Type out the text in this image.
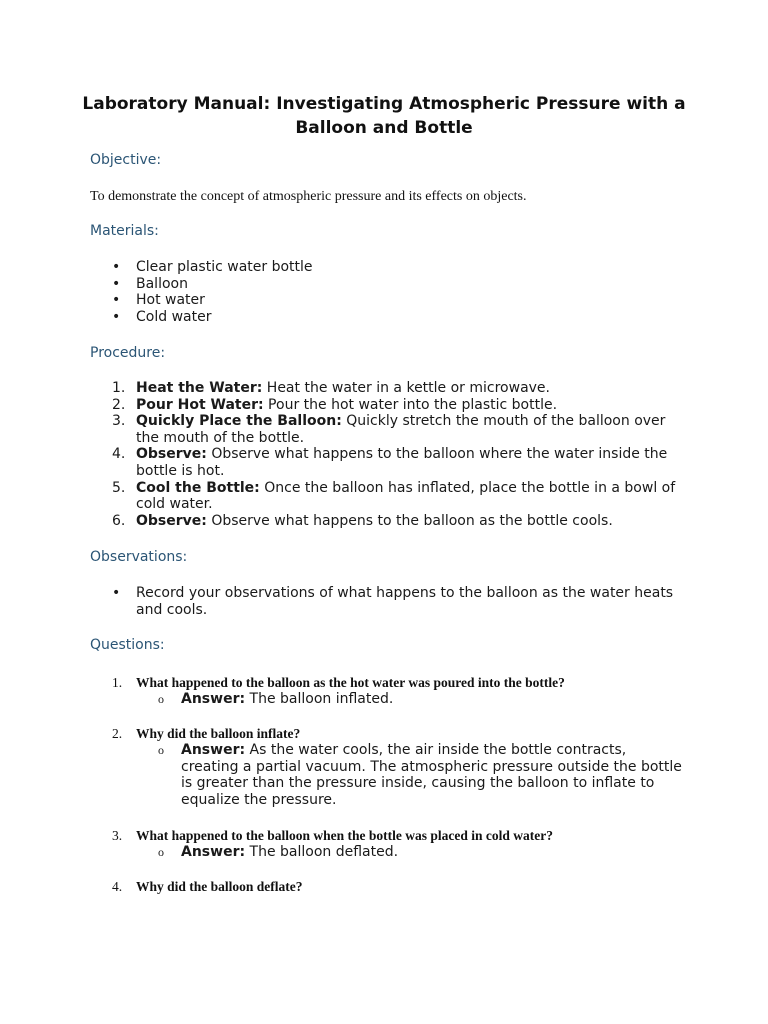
Laboratory Manual: Investigating Atmospheric Pressure with a Balloon and Bottle
Objective:
To demonstrate the concept of atmospheric pressure and its effects on objects.
Materials:
• Clear plastic water bottle
• Balloon
• Hot water
• Cold water
Procedure:
1. Heat the Water: Heat the water in a kettle or microwave.
2. Pour Hot Water: Pour the hot water into the plastic bottle.
3. Quickly Place the Balloon: Quickly stretch the mouth of the balloon over the mouth of the bottle.
4. Observe: Observe what happens to the balloon where the water inside the bottle is hot.
5. Cool the Bottle: Once the balloon has inflated, place the bottle in a bowl of cold water.
6. Observe: Observe what happens to the balloon as the bottle cools.
Observations:
• Record your observations of what happens to the balloon as the water heats and cools.
Questions:
1. What happened to the balloon as the hot water was poured into the bottle?
o Answer: The balloon inflated.
2. Why did the balloon inflate?
o Answer: As the water cools, the air inside the bottle contracts, creating a partial vacuum. The atmospheric pressure outside the bottle is greater than the pressure inside, causing the balloon to inflate to equalize the pressure.
3. What happened to the balloon when the bottle was placed in cold water?
o Answer: The balloon deflated.
4. Why did the balloon deflate?
